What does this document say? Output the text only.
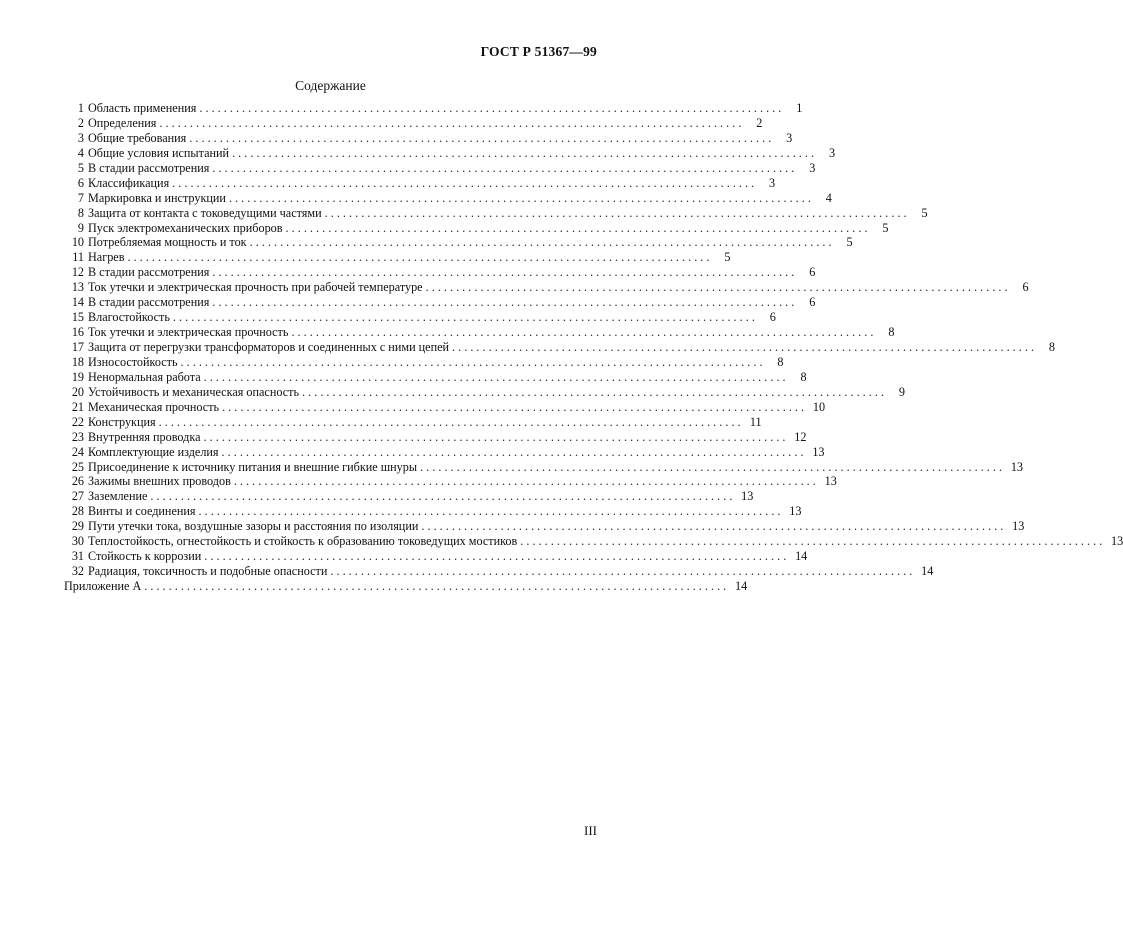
ГОСТ Р 51367—99
Содержание
1 Область применения . . .	1
2 Определения . . .	2
3 Общие требования . . .	3
4 Общие условия испытаний . . .	3
5 В стадии рассмотрения . . .	3
6 Классификация . . .	3
7 Маркировка и инструкции . . .	4
8 Защита от контакта с токоведущими частями . . .	5
9 Пуск электромеханических приборов . . .	5
10 Потребляемая мощность и ток . . .	5
11 Нагрев . . .	5
12 В стадии рассмотрения . . .	6
13 Ток утечки и электрическая прочность при рабочей температуре . . .	6
14 В стадии рассмотрения . . .	6
15 Влагостойкость . . .	6
16 Ток утечки и электрическая прочность . . .	8
17 Защита от перегрузки трансформаторов и соединенных с ними цепей . . .	8
18 Износостойкость . . .	8
19 Ненормальная работа . . .	8
20 Устойчивость и механическая опасность . . .	9
21 Механическая прочность . . .	10
22 Конструкция . . .	11
23 Внутренняя проводка . . .	12
24 Комплектующие изделия . . .	13
25 Присоединение к источнику питания и внешние гибкие шнуры . . .	13
26 Зажимы внешних проводов . . .	13
27 Заземление . . .	13
28 Винты и соединения . . .	13
29 Пути утечки тока, воздушные зазоры и расстояния по изоляции . . .	13
30 Теплостойкость, огнестойкость и стойкость к образованию токоведущих мостиков . . .	13
31 Стойкость к коррозии . . .	14
32 Радиация, токсичность и подобные опасности . . .	14
Приложение А . . .	14
III
